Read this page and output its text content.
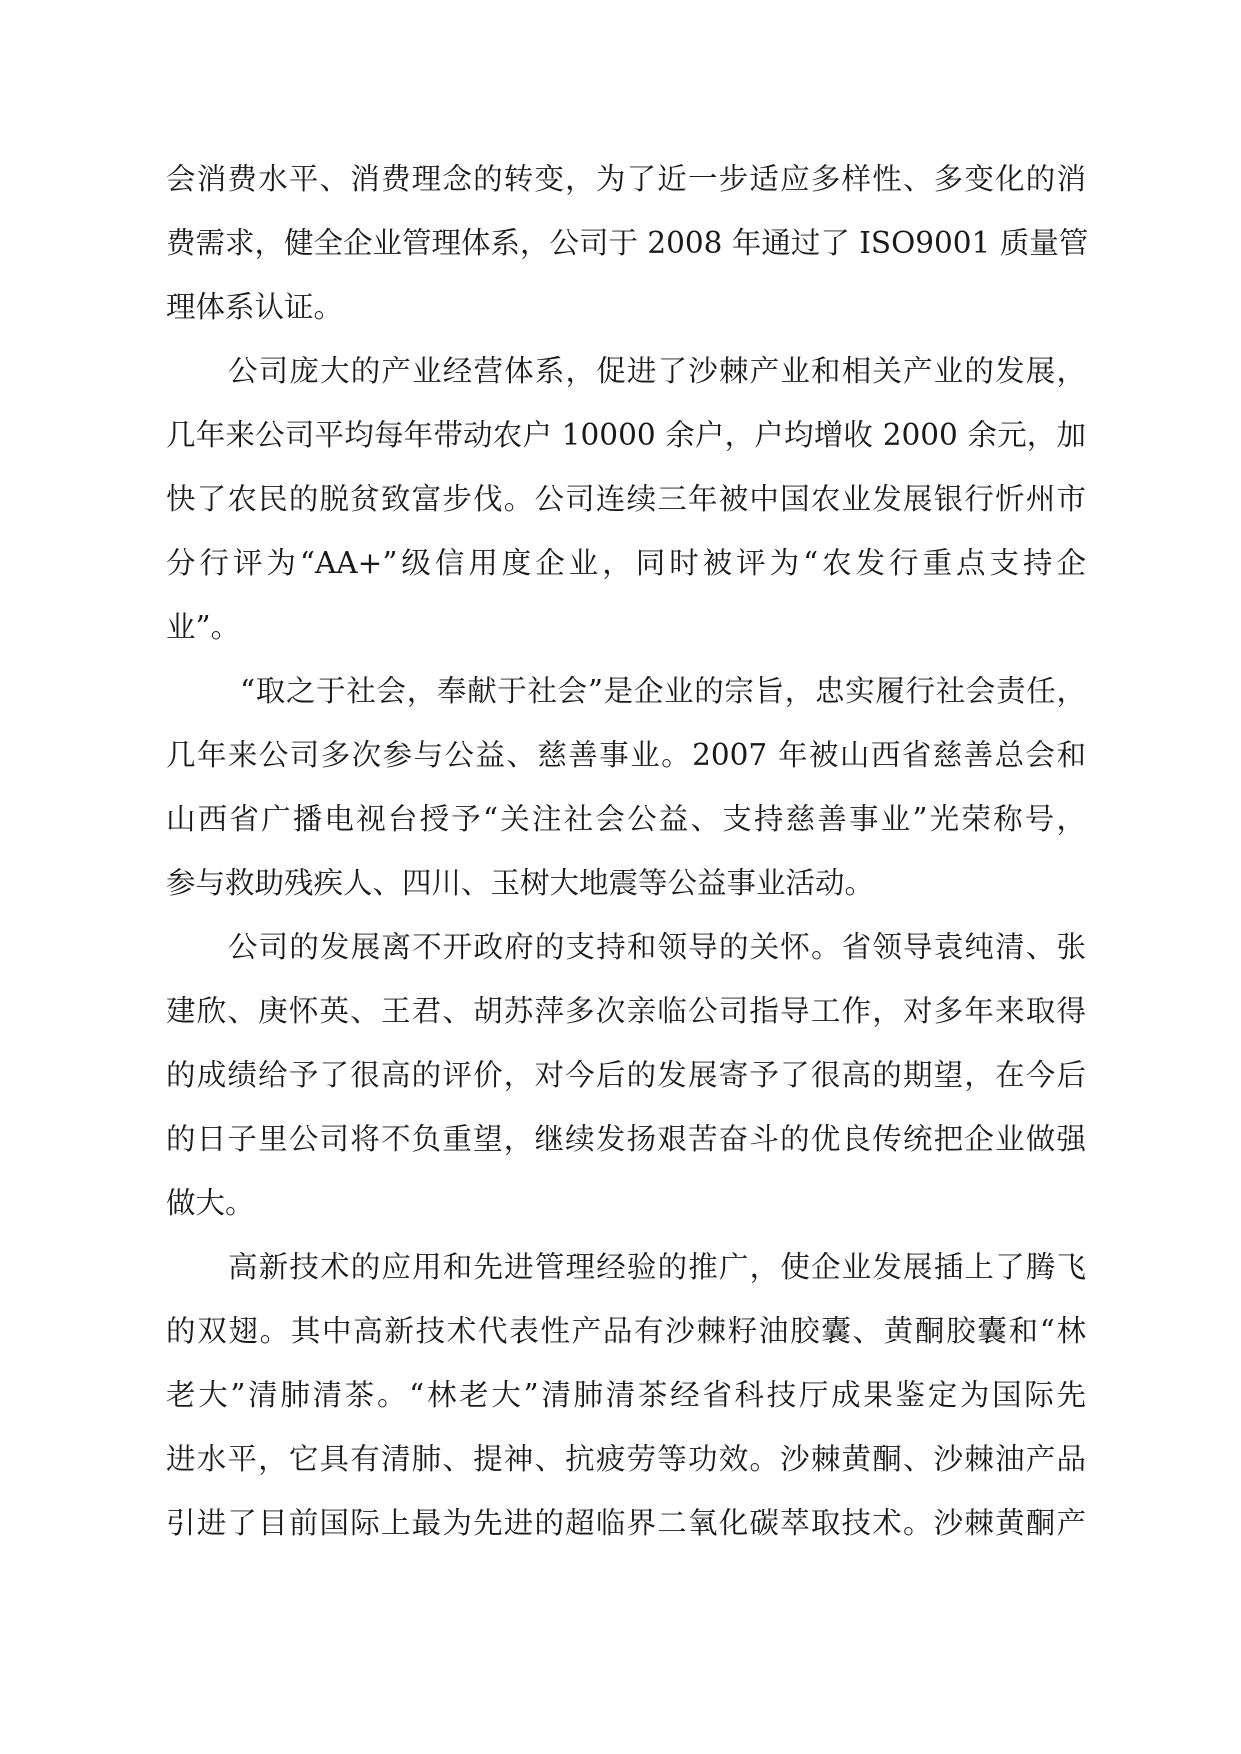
会消费水平、消费理念的转变，为了近一步适应多样性、多变化的消
费需求，健全企业管理体系，公司于 2008 年通过了 ISO9001 质量管
理体系认证。
公司庞大的产业经营体系，促进了沙棘产业和相关产业的发展，
几年来公司平均每年带动农户 10000 余户，户均增收 2000 余元，加
快了农民的脱贫致富步伐。公司连续三年被中国农业发展银行忻州市
分行评为“AA+”级信用度企业，同时被评为“农发行重点支持企
业”。
“取之于社会，奉献于社会”是企业的宗旨，忠实履行社会责任，
几年来公司多次参与公益、慈善事业。2007 年被山西省慈善总会和
山西省广播电视台授予“关注社会公益、支持慈善事业”光荣称号，
参与救助残疾人、四川、玉树大地震等公益事业活动。
公司的发展离不开政府的支持和领导的关怀。省领导袁纯清、张
建欣、庚怀英、王君、胡苏萍多次亲临公司指导工作，对多年来取得
的成绩给予了很高的评价，对今后的发展寄予了很高的期望，在今后
的日子里公司将不负重望，继续发扬艰苦奋斗的优良传统把企业做强
做大。
高新技术的应用和先进管理经验的推广，使企业发展插上了腾飞
的双翅。其中高新技术代表性产品有沙棘籽油胶囊、黄酮胶囊和“林
老大”清肺清茶。“林老大”清肺清茶经省科技厅成果鉴定为国际先
进水平，它具有清肺、提神、抗疲劳等功效。沙棘黄酮、沙棘油产品
引进了目前国际上最为先进的超临界二氧化碳萃取技术。沙棘黄酮产
